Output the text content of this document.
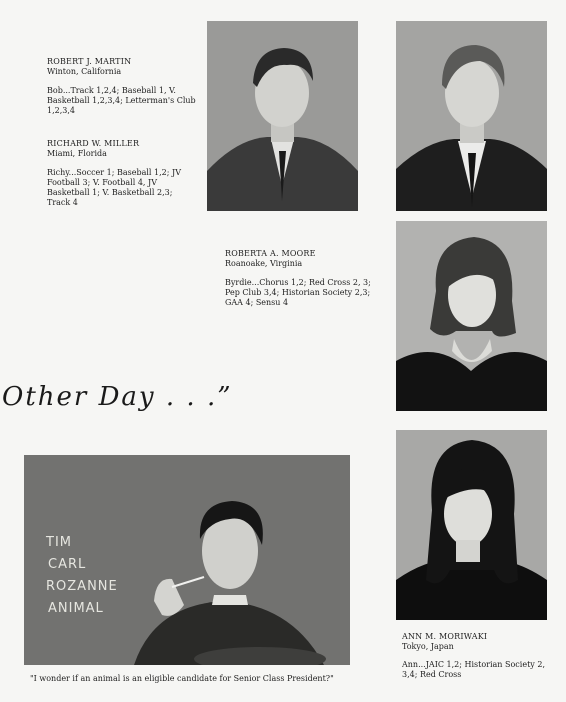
ROBERT J. MARTIN
Winton, California
Bob...Track 1,2,4; Baseball 1, V. Basketball 1,2,3,4; Letterman's Club 1,2,3,4
RICHARD W. MILLER
Miami, Florida
Richy...Soccer 1; Baseball 1,2; JV Football 3; V. Football 4, JV Basketball 1; V. Basketball 2,3; Track 4
ROBERTA A. MOORE
Roanoake, Virginia
Byrdie...Chorus 1,2; Red Cross 2, 3; Pep Club 3,4; Historian Society 2,3; GAA 4; Sensu 4
ANN M. MORIWAKI
Tokyo, Japan
Ann...JAIC 1,2; Historian Society 2, 3,4; Red Cross
TIM
CARL
ROZANNE
ANIMAL
Other Day . . .”
"I wonder if an animal is an eligible candidate for Senior Class President?"
